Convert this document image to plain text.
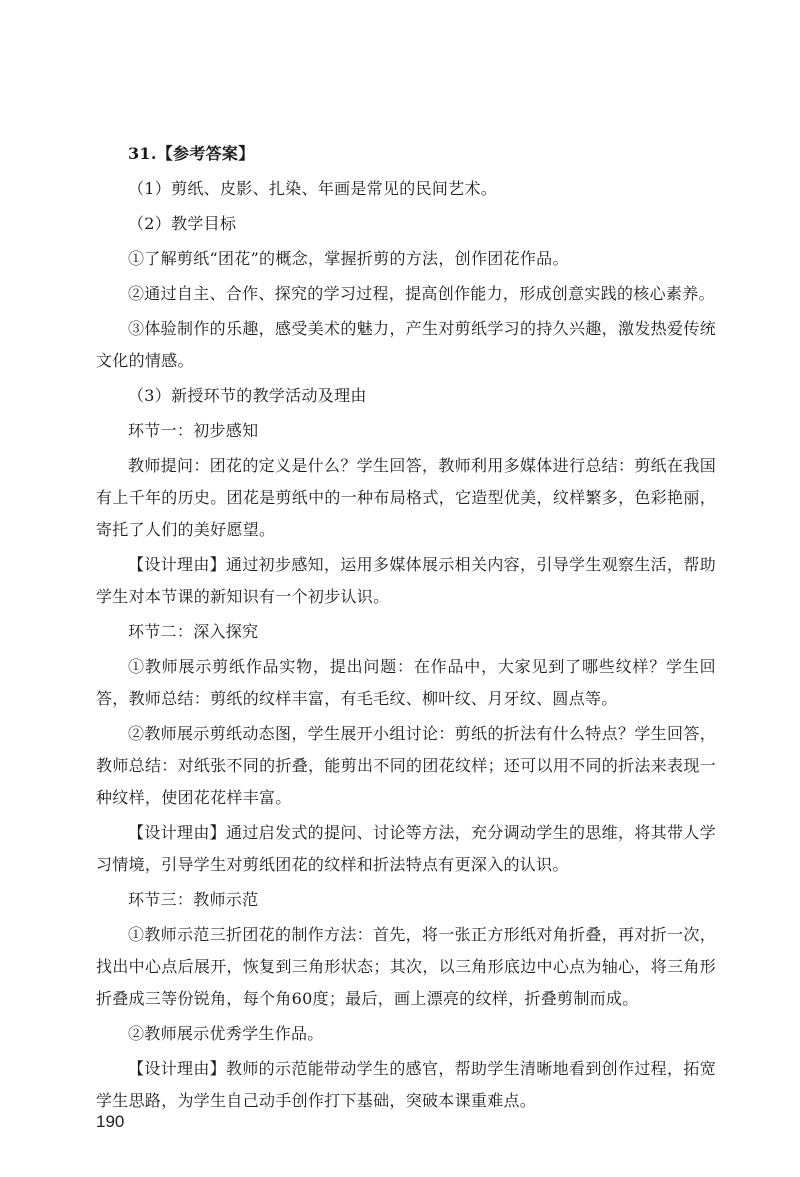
31.【参考答案】

（1）剪纸、皮影、扎染、年画是常见的民间艺术。

（2）教学目标

①了解剪纸“团花”的概念，掌握折剪的方法，创作团花作品。

②通过自主、合作、探究的学习过程，提高创作能力，形成创意实践的核心素养。

③体验制作的乐趣，感受美术的魅力，产生对剪纸学习的持久兴趣，激发热爱传统文化的情感。

（3）新授环节的教学活动及理由

环节一：初步感知

教师提问：团花的定义是什么？学生回答，教师利用多媒体进行总结：剪纸在我国有上千年的历史。团花是剪纸中的一种布局格式，它造型优美，纹样繁多，色彩艳丽，寄托了人们的美好愿望。

【设计理由】通过初步感知，运用多媒体展示相关内容，引导学生观察生活，帮助学生对本节课的新知识有一个初步认识。

环节二：深入探究

①教师展示剪纸作品实物，提出问题：在作品中，大家见到了哪些纹样？学生回答，教师总结：剪纸的纹样丰富，有毛毛纹、柳叶纹、月牙纹、圆点等。

②教师展示剪纸动态图，学生展开小组讨论：剪纸的折法有什么特点？学生回答，教师总结：对纸张不同的折叠，能剪出不同的团花纹样；还可以用不同的折法来表现一种纹样，使团花花样丰富。

【设计理由】通过启发式的提问、讨论等方法，充分调动学生的思维，将其带人学习情境，引导学生对剪纸团花的纹样和折法特点有更深入的认识。

环节三：教师示范

①教师示范三折团花的制作方法：首先，将一张正方形纸对角折叠，再对折一次，找出中心点后展开，恢复到三角形状态；其次，以三角形底边中心点为轴心，将三角形折叠成三等份锐角，每个角60度；最后，画上漂亮的纹样，折叠剪制而成。

②教师展示优秀学生作品。

【设计理由】教师的示范能带动学生的感官，帮助学生清晰地看到创作过程，拓宽学生思路，为学生自己动手创作打下基础，突破本课重难点。

190
